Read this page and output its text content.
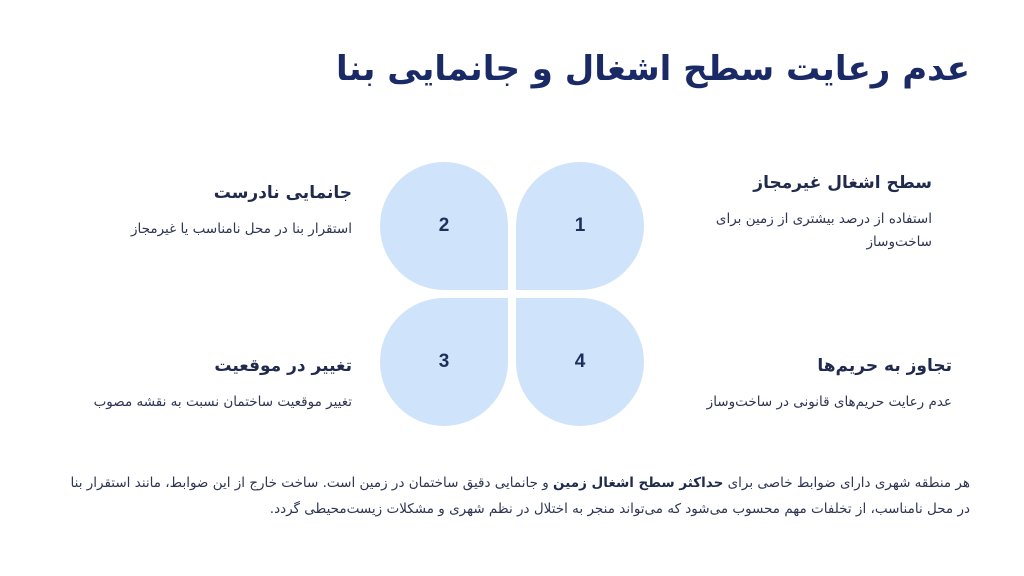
عدم رعایت سطح اشغال و جانمایی بنا
1
2
3	4
سطح اشغال غیرمجاز

استفاده از درصد بیشتری از زمین برای ساخت‌وساز

جانمایی نادرست

استقرار بنا در محل نامناسب یا غیرمجاز

تغییر در موقعیت

تغییر موقعیت ساختمان نسبت به نقشه مصوب

تجاوز به حریم‌ها

عدم رعایت حریم‌های قانونی در ساخت‌وساز

هر منطقه شهری دارای ضوابط خاصی برای حداکثر سطح اشغال زمین و جانمایی دقیق ساختمان در زمین است. ساخت خارج از این ضوابط، مانند استقرار بنا در محل نامناسب، از تخلفات مهم محسوب می‌شود که می‌تواند منجر به اختلال در نظم شهری و مشکلات زیست‌محیطی گردد.
